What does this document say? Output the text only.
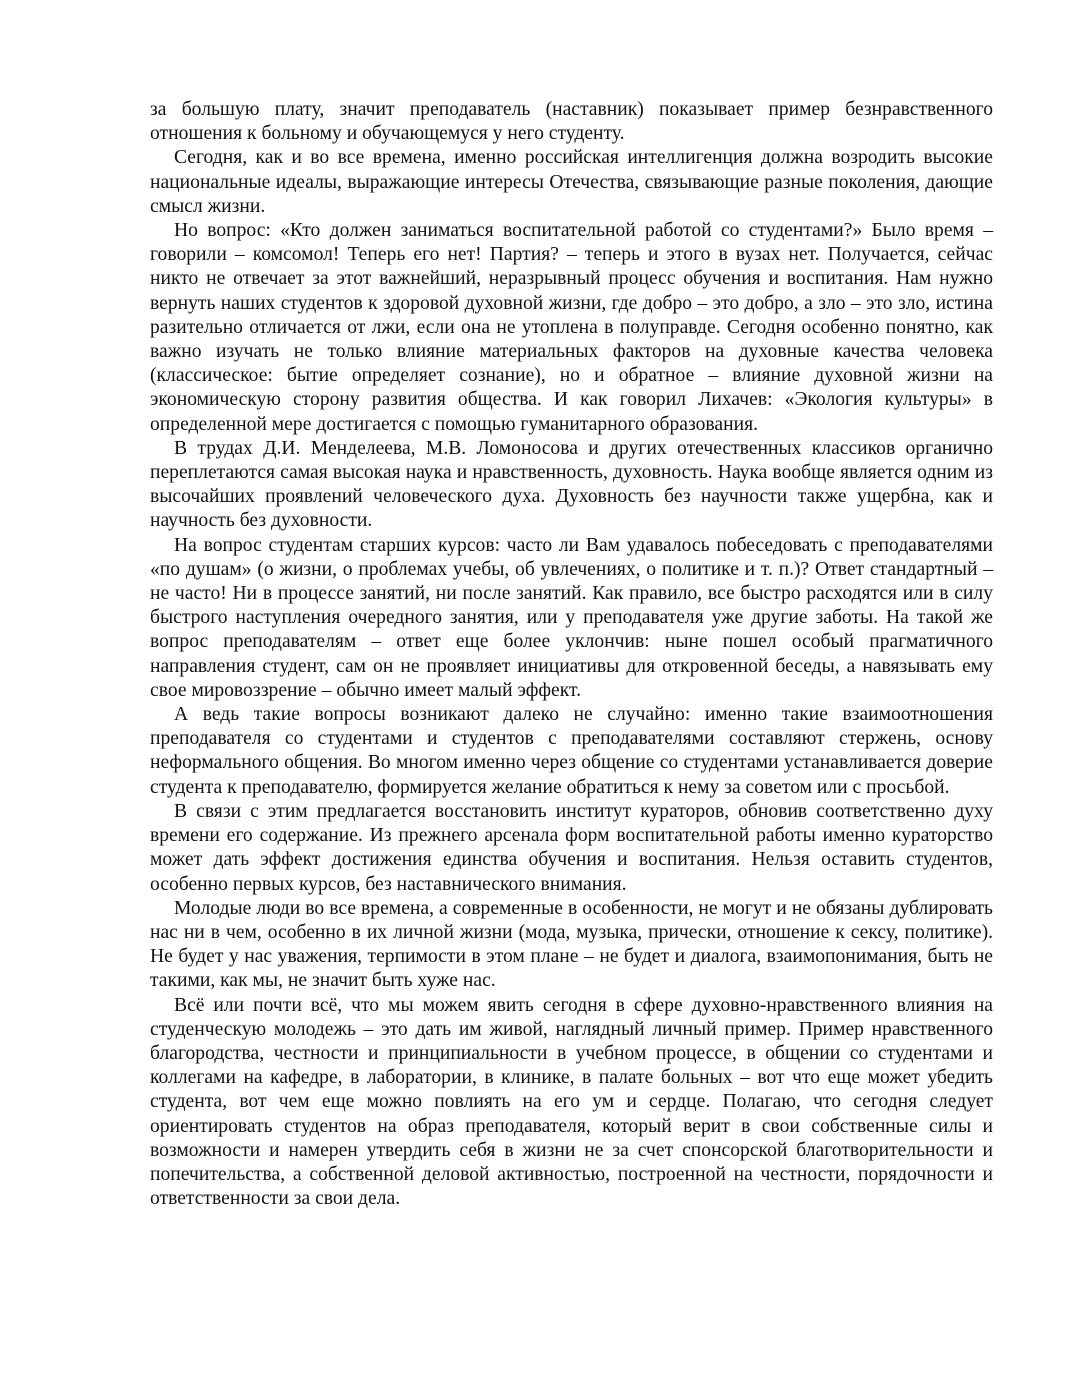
за большую плату, значит преподаватель (наставник) показывает пример безнравственного отношения к больному и обучающемуся у него студенту.

Сегодня, как и во все времена, именно российская интеллигенция должна возродить высокие национальные идеалы, выражающие интересы Отечества, связывающие разные поколения, дающие смысл жизни.

Но вопрос: «Кто должен заниматься воспитательной работой со студентами?» Было время – говорили – комсомол! Теперь его нет! Партия? – теперь и этого в вузах нет. Получается, сейчас никто не отвечает за этот важнейший, неразрывный процесс обучения и воспитания. Нам нужно вернуть наших студентов к здоровой духовной жизни, где добро – это добро, а зло – это зло, истина разительно отличается от лжи, если она не утоплена в полуправде. Сегодня особенно понятно, как важно изучать не только влияние материальных факторов на духовные качества человека (классическое: бытие определяет сознание), но и обратное – влияние духовной жизни на экономическую сторону развития общества. И как говорил Лихачев: «Экология культуры» в определенной мере достигается с помощью гуманитарного образования.

В трудах Д.И. Менделеева, М.В. Ломоносова и других отечественных классиков органично переплетаются самая высокая наука и нравственность, духовность. Наука вообще является одним из высочайших проявлений человеческого духа. Духовность без научности также ущербна, как и научность без духовности.

На вопрос студентам старших курсов: часто ли Вам удавалось побеседовать с преподавателями «по душам» (о жизни, о проблемах учебы, об увлечениях, о политике и т. п.)? Ответ стандартный – не часто! Ни в процессе занятий, ни после занятий. Как правило, все быстро расходятся или в силу быстрого наступления очередного занятия, или у преподавателя уже другие заботы. На такой же вопрос преподавателям – ответ еще более уклончив: ныне пошел особый прагматичного направления студент, сам он не проявляет инициативы для откровенной беседы, а навязывать ему свое мировоззрение – обычно имеет малый эффект.

А ведь такие вопросы возникают далеко не случайно: именно такие взаимоотношения преподавателя со студентами и студентов с преподавателями составляют стержень, основу неформального общения. Во многом именно через общение со студентами устанавливается доверие студента к преподавателю, формируется желание обратиться к нему за советом или с просьбой.

В связи с этим предлагается восстановить институт кураторов, обновив соответственно духу времени его содержание. Из прежнего арсенала форм воспитательной работы именно кураторство может дать эффект достижения единства обучения и воспитания. Нельзя оставить студентов, особенно первых курсов, без наставнического внимания.

Молодые люди во все времена, а современные в особенности, не могут и не обязаны дублировать нас ни в чем, особенно в их личной жизни (мода, музыка, прически, отношение к сексу, политике). Не будет у нас уважения, терпимости в этом плане – не будет и диалога, взаимопонимания, быть не такими, как мы, не значит быть хуже нас.

Всё или почти всё, что мы можем явить сегодня в сфере духовно-нравственного влияния на студенческую молодежь – это дать им живой, наглядный личный пример. Пример нравственного благородства, честности и принципиальности в учебном процессе, в общении со студентами и коллегами на кафедре, в лаборатории, в клинике, в палате больных – вот что еще может убедить студента, вот чем еще можно повлиять на его ум и сердце. Полагаю, что сегодня следует ориентировать студентов на образ преподавателя, который верит в свои собственные силы и возможности и намерен утвердить себя в жизни не за счет спонсорской благотворительности и попечительства, а собственной деловой активностью, построенной на честности, порядочности и ответственности за свои дела.
